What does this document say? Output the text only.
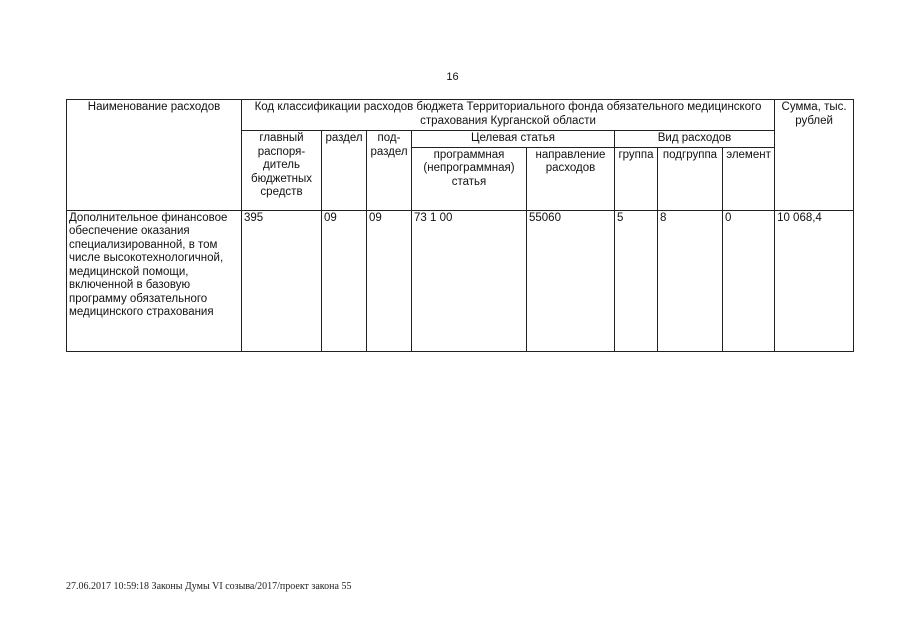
16
Наименование расходов	Код классификации расходов бюджета Территориального фонда обязательного медицинского страхования Курганской области								Сумма, тыс. рублей
	главный распоря-дитель бюджетных средств	раздел	под-раздел	Целевая статья		Вид расходов			
				программная (непрограммная) статья	направление расходов	группа	подгруппа	элемент	
Дополнительное финансовое обеспечение оказания специализированной, в том числе высокотехнологичной, медицинской помощи, включенной в базовую программу обязательного медицинского страхования	395	09	09	73 1 00	55060	5	8	0	10 068,4
27.06.2017 10:59:18 Законы Думы VI созыва/2017/проект закона 55
